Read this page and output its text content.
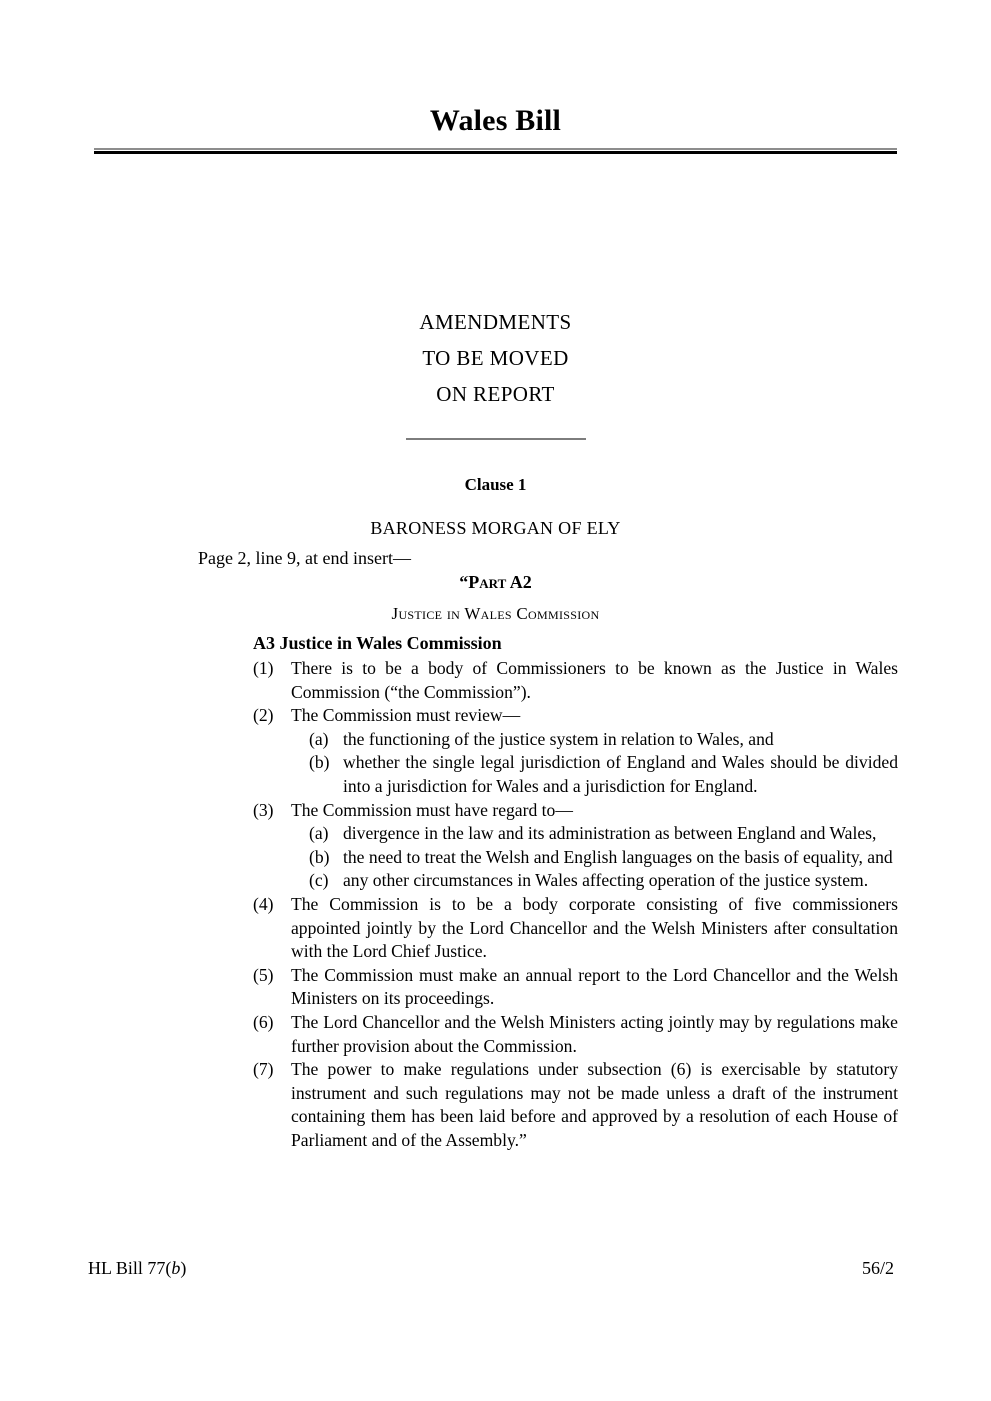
Wales Bill
AMENDMENTS
TO BE MOVED
ON REPORT
Clause 1
BARONESS MORGAN OF ELY
Page 2, line 9, at end insert—
“Part A2
Justice in Wales Commission
A3 Justice in Wales Commission
(1) There is to be a body of Commissioners to be known as the Justice in Wales Commission (“the Commission”).
(2) The Commission must review—
(a) the functioning of the justice system in relation to Wales, and
(b) whether the single legal jurisdiction of England and Wales should be divided into a jurisdiction for Wales and a jurisdiction for England.
(3) The Commission must have regard to—
(a) divergence in the law and its administration as between England and Wales,
(b) the need to treat the Welsh and English languages on the basis of equality, and
(c) any other circumstances in Wales affecting operation of the justice system.
(4) The Commission is to be a body corporate consisting of five commissioners appointed jointly by the Lord Chancellor and the Welsh Ministers after consultation with the Lord Chief Justice.
(5) The Commission must make an annual report to the Lord Chancellor and the Welsh Ministers on its proceedings.
(6) The Lord Chancellor and the Welsh Ministers acting jointly may by regulations make further provision about the Commission.
(7) The power to make regulations under subsection (6) is exercisable by statutory instrument and such regulations may not be made unless a draft of the instrument containing them has been laid before and approved by a resolution of each House of Parliament and of the Assembly.”
HL Bill 77(b)	56/2
